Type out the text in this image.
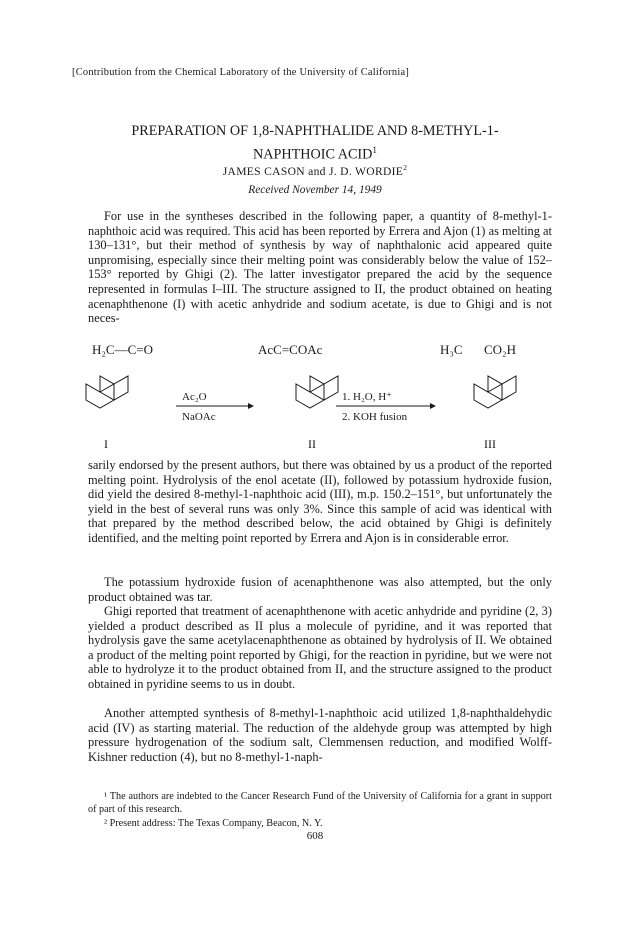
[Contribution from the Chemical Laboratory of the University of California]
PREPARATION OF 1,8-NAPHTHALIDE AND 8-METHYL-1-
NAPHTHOIC ACID$^1$
JAMES CASON and J. D. WORDIE$^2$
Received November 14, 1949
For use in the syntheses described in the following paper, a quantity of 8-methyl-1-naphthoic acid was required. This acid has been reported by Errera and Ajon (1) as melting at 130–131°, but their method of synthesis by way of naphthalonic acid appeared quite unpromising, especially since their melting point was considerably below the value of 152–153° reported by Ghigi (2). The latter investigator prepared the acid by the sequence represented in formulas I–III. The structure assigned to II, the product obtained on heating acenaphthenone (I) with acetic anhydride and sodium acetate, is due to Ghigi and is not neces-
H₂C—C=O	AcC=COAc	H₃C CO₂H
Ac₂O
NaOAc
1. H₂O, H⁺
2. KOH fusion
I	II	III
sarily endorsed by the present authors, but there was obtained by us a product of the reported melting point. Hydrolysis of the enol acetate (II), followed by potassium hydroxide fusion, did yield the desired 8-methyl-1-naphthoic acid (III), m.p. 150.2–151°, but unfortunately the yield in the best of several runs was only 3%. Since this sample of acid was identical with that prepared by the method described below, the acid obtained by Ghigi is definitely identified, and the melting point reported by Errera and Ajon is in considerable error.
The potassium hydroxide fusion of acenaphthenone was also attempted, but the only product obtained was tar.
Ghigi reported that treatment of acenaphthenone with acetic anhydride and pyridine (2, 3) yielded a product described as II plus a molecule of pyridine, and it was reported that hydrolysis gave the same acetylacenaphthenone as obtained by hydrolysis of II. We obtained a product of the melting point reported by Ghigi, for the reaction in pyridine, but we were not able to hydrolyze it to the product obtained from II, and the structure assigned to the product obtained in pyridine seems to us in doubt.
Another attempted synthesis of 8-methyl-1-naphthoic acid utilized 1,8-naphthaldehydic acid (IV) as starting material. The reduction of the aldehyde group was attempted by high pressure hydrogenation of the sodium salt, Clemmensen reduction, and modified Wolff-Kishner reduction (4), but no 8-methyl-1-naph-
¹ The authors are indebted to the Cancer Research Fund of the University of California for a grant in support of part of this research.
² Present address: The Texas Company, Beacon, N. Y.
608
